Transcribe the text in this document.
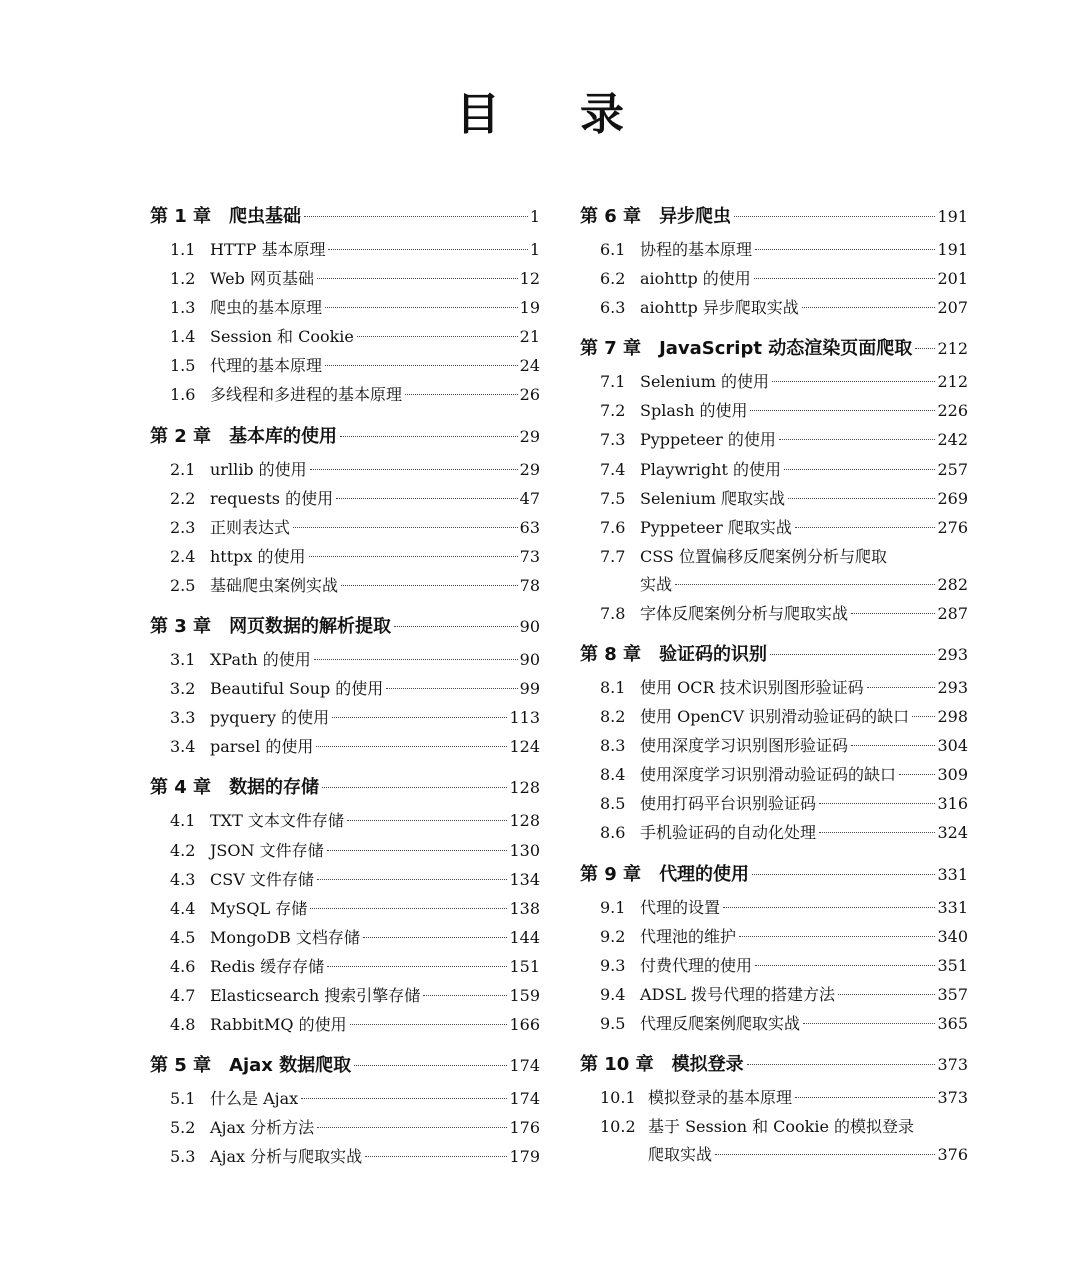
目 录
第 1 章 爬虫基础	1
1.1 HTTP 基本原理	1
1.2 Web 网页基础	12
1.3 爬虫的基本原理	19
1.4 Session 和 Cookie	21
1.5 代理的基本原理	24
1.6 多线程和多进程的基本原理	26
第 2 章 基本库的使用	29
2.1 urllib 的使用	29
2.2 requests 的使用	47
2.3 正则表达式	63
2.4 httpx 的使用	73
2.5 基础爬虫案例实战	78
第 3 章 网页数据的解析提取	90
3.1 XPath 的使用	90
3.2 Beautiful Soup 的使用	99
3.3 pyquery 的使用	113
3.4 parsel 的使用	124
第 4 章 数据的存储	128
4.1 TXT 文本文件存储	128
4.2 JSON 文件存储	130
4.3 CSV 文件存储	134
4.4 MySQL 存储	138
4.5 MongoDB 文档存储	144
4.6 Redis 缓存存储	151
4.7 Elasticsearch 搜索引擎存储	159
4.8 RabbitMQ 的使用	166
第 5 章 Ajax 数据爬取	174
5.1 什么是 Ajax	174
5.2 Ajax 分析方法	176
5.3 Ajax 分析与爬取实战	179
第 6 章 异步爬虫	191
6.1 协程的基本原理	191
6.2 aiohttp 的使用	201
6.3 aiohttp 异步爬取实战	207
第 7 章 JavaScript 动态渲染页面爬取 212
7.1 Selenium 的使用	212
7.2 Splash 的使用	226
7.3 Pyppeteer 的使用	242
7.4 Playwright 的使用	257
7.5 Selenium 爬取实战	269
7.6 Pyppeteer 爬取实战	276
7.7 CSS 位置偏移反爬案例分析与爬取
实战	282
7.8 字体反爬案例分析与爬取实战	287
第 8 章 验证码的识别	293
8.1 使用 OCR 技术识别图形验证码	293
8.2 使用 OpenCV 识别滑动验证码的缺口 298
8.3 使用深度学习识别图形验证码	304
8.4 使用深度学习识别滑动验证码的缺口	309
8.5 使用打码平台识别验证码	316
8.6 手机验证码的自动化处理	324
第 9 章 代理的使用	331
9.1 代理的设置	331
9.2 代理池的维护	340
9.3 付费代理的使用	351
9.4 ADSL 拨号代理的搭建方法	357
9.5 代理反爬案例爬取实战	365
第 10 章 模拟登录	373
10.1 模拟登录的基本原理	373
10.2 基于 Session 和 Cookie 的模拟登录
爬取实战	376
